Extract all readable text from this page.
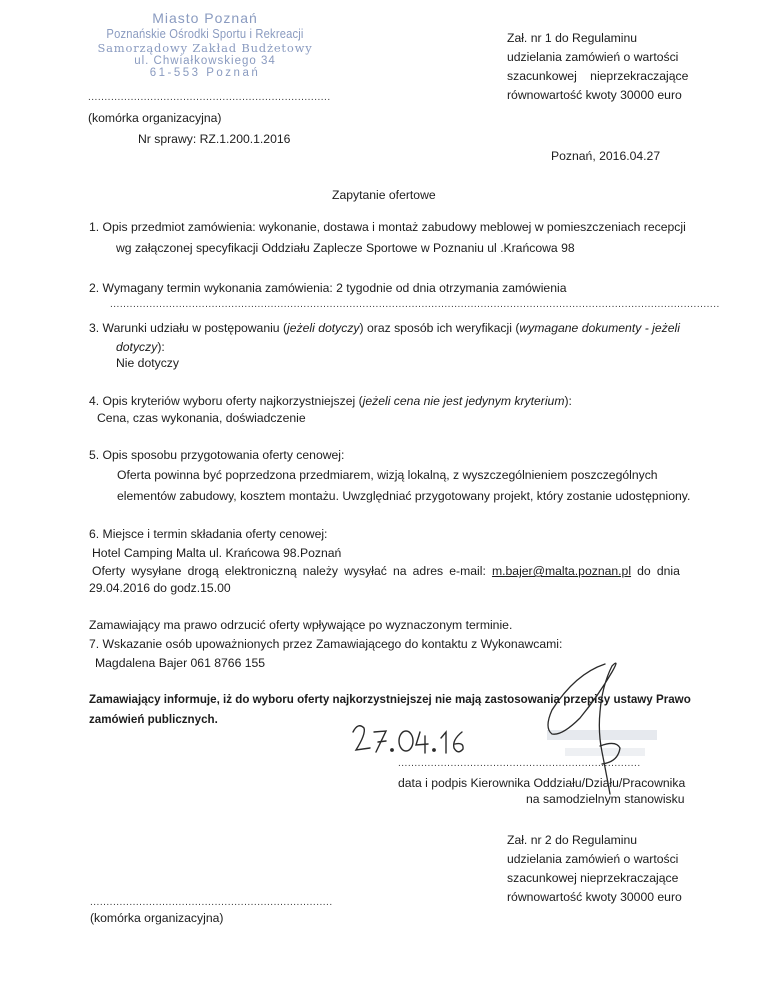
Miasto Poznań
Poznańskie Ośrodki Sportu i Rekreacji
Samorządowy Zakład Budżetowy
ul. Chwiałkowskiego 34
61-553 Poznań
..........................................................................
(komórka organizacyjna)
Zał. nr 1 do Regulaminu
udzielania zamówień o wartości
szacunkowej nieprzekraczające
równowartość kwoty 30000 euro
Nr sprawy: RZ.1.200.1.2016
Poznań, 2016.04.27
Zapytanie ofertowe
1. Opis przedmiot zamówienia: wykonanie, dostawa i montaż zabudowy meblowej w pomieszczeniach recepcji
wg załączonej specyfikacji Oddziału Zaplecze Sportowe w Poznaniu ul .Krańcowa 98
2. Wymagany termin wykonania zamówienia: 2 tygodnie od dnia otrzymania zamówienia
..........................................................................................................................................................................................
3. Warunki udziału w postępowaniu (jeżeli dotyczy) oraz sposób ich weryfikacji (wymagane dokumenty - jeżeli
dotyczy):
Nie dotyczy
4. Opis kryteriów wyboru oferty najkorzystniejszej (jeżeli cena nie jest jedynym kryterium):
Cena, czas wykonania, doświadczenie
5. Opis sposobu przygotowania oferty cenowej:
Oferta powinna być poprzedzona przedmiarem, wizją lokalną, z wyszczególnieniem poszczególnych
elementów zabudowy, kosztem montażu. Uwzględniać przygotowany projekt, który zostanie udostępniony.
6. Miejsce i termin składania oferty cenowej:
Hotel Camping Malta ul. Krańcowa 98.Poznań
Oferty wysyłane drogą elektroniczną należy wysyłać na adres e-mail: m.bajer@malta.poznan.pl do dnia
29.04.2016 do godz.15.00
Zamawiający ma prawo odrzucić oferty wpływające po wyznaczonym terminie.
7. Wskazanie osób upoważnionych przez Zamawiającego do kontaktu z Wykonawcami:
Magdalena Bajer 061 8766 155
Zamawiający informuje, iż do wyboru oferty najkorzystniejszej nie mają zastosowania przepisy ustawy Prawo
zamówień publicznych.
..........................................................................
data i podpis Kierownika Oddziału/Działu/Pracownika
na samodzielnym stanowisku
Zał. nr 2 do Regulaminu
udzielania zamówień o wartości
szacunkowej nieprzekraczające
równowartość kwoty 30000 euro
..........................................................................
(komórka organizacyjna)
